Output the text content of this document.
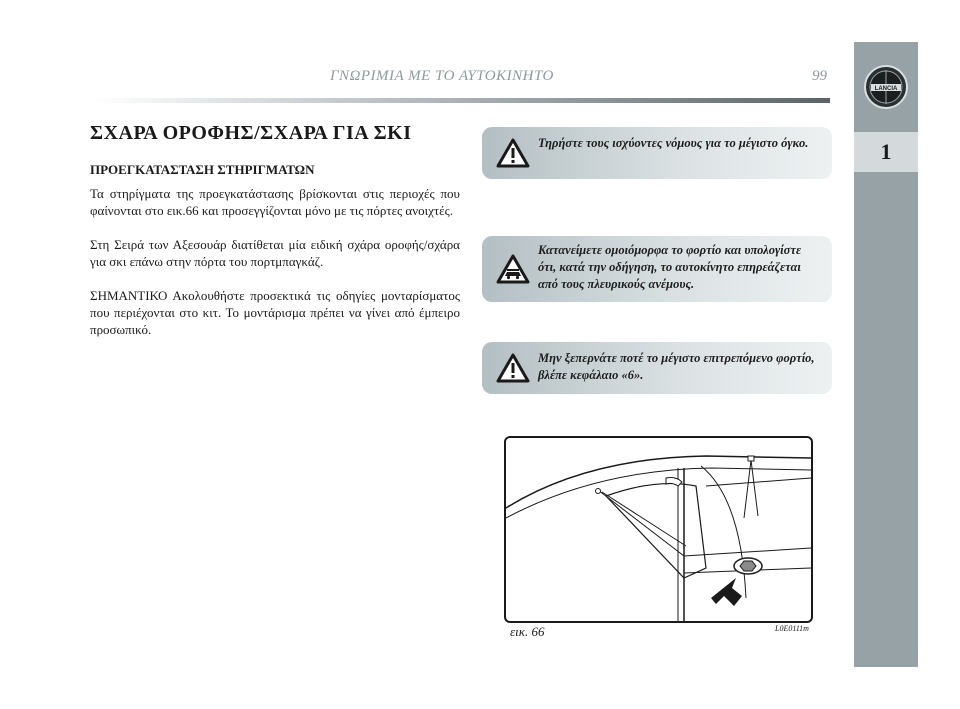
ΓΝΩΡΙΜΙΑ ΜΕ ΤΟ ΑΥΤΟΚΙΝΗΤΟ	99
LANCIA
1
ΣΧΑΡΑ ΟΡΟΦΗΣ/ΣΧΑΡΑ ΓΙΑ ΣΚΙ
ΠΡΟΕΓΚΑΤΑΣΤΑΣΗ ΣΤΗΡΙΓΜΑΤΩΝ
Τα στηρίγματα της προεγκατάστασης βρίσκονται στις περιοχές που φαίνονται στο εικ.66 και προσεγγίζονται μόνο με τις πόρτες ανοιχτές.
Στη Σειρά των Αξεσουάρ διατίθεται μία ειδική σχάρα οροφής/σχάρα για σκι επάνω στην πόρτα του πορτμπαγκάζ.
ΣΗΜΑΝΤΙΚΟ Ακολουθήστε προσεκτικά τις οδηγίες μονταρίσματος που περιέχονται στο κιτ. Το μοντάρισμα πρέπει να γίνει από έμπειρο προσωπικό.
Τηρήστε τους ισχύοντες νόμους για το μέγιστο όγκο.
Κατανείμετε ομοιόμορφα το φορτίο και υπολογίστε ότι, κατά την οδήγηση, το αυτοκίνητο επηρεάζεται από τους πλευρικούς ανέμους.
Μην ξεπερνάτε ποτέ το μέγιστο επιτρεπόμενο φορτίο, βλέπε κεφάλαιο «6».
εικ. 66	L0E0111m
